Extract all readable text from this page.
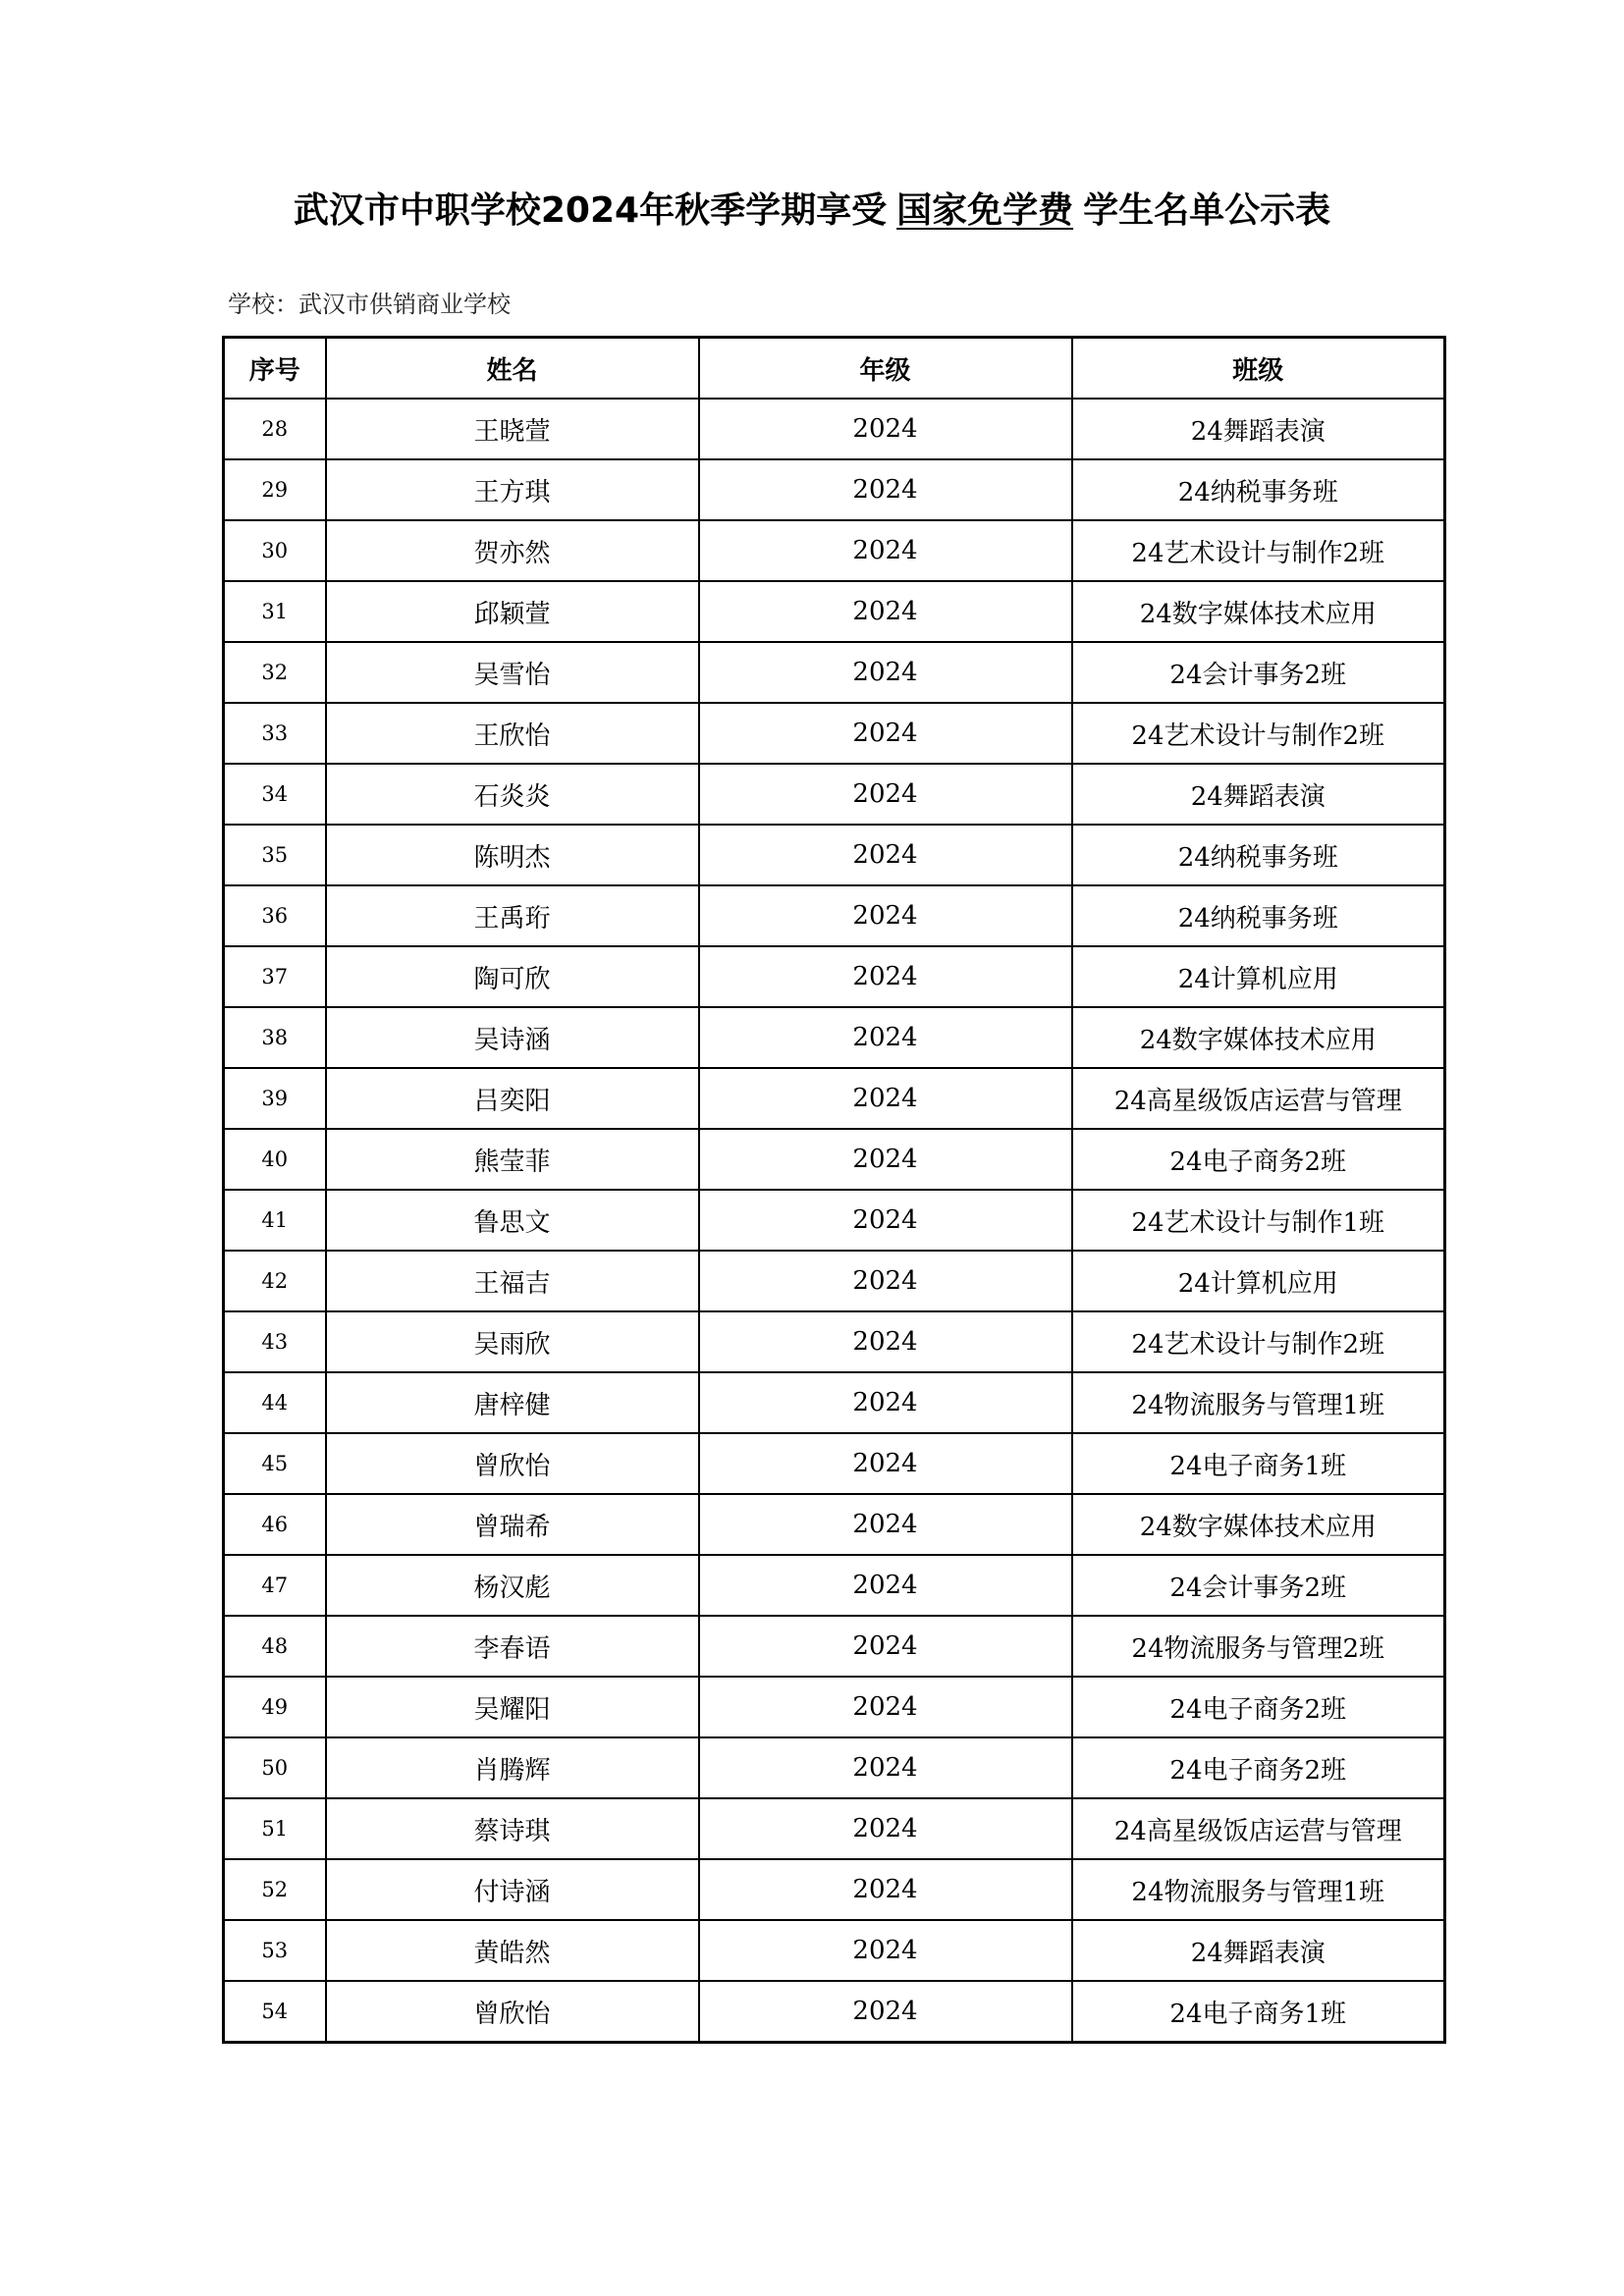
武汉市中职学校2024年秋季学期享受 国家免学费 学生名单公示表
学校：武汉市供销商业学校
序号	姓名	年级	班级
28	王晓萱	2024	24舞蹈表演
29	王方琪	2024	24纳税事务班
30	贺亦然	2024	24艺术设计与制作2班
31	邱颖萱	2024	24数字媒体技术应用
32	吴雪怡	2024	24会计事务2班
33	王欣怡	2024	24艺术设计与制作2班
34	石炎炎	2024	24舞蹈表演
35	陈明杰	2024	24纳税事务班
36	王禹珩	2024	24纳税事务班
37	陶可欣	2024	24计算机应用
38	吴诗涵	2024	24数字媒体技术应用
39	吕奕阳	2024	24高星级饭店运营与管理
40	熊莹菲	2024	24电子商务2班
41	鲁思文	2024	24艺术设计与制作1班
42	王福吉	2024	24计算机应用
43	吴雨欣	2024	24艺术设计与制作2班
44	唐梓健	2024	24物流服务与管理1班
45	曾欣怡	2024	24电子商务1班
46	曾瑞希	2024	24数字媒体技术应用
47	杨汉彪	2024	24会计事务2班
48	李春语	2024	24物流服务与管理2班
49	吴耀阳	2024	24电子商务2班
50	肖腾辉	2024	24电子商务2班
51	蔡诗琪	2024	24高星级饭店运营与管理
52	付诗涵	2024	24物流服务与管理1班
53	黄皓然	2024	24舞蹈表演
54	曾欣怡	2024	24电子商务1班
